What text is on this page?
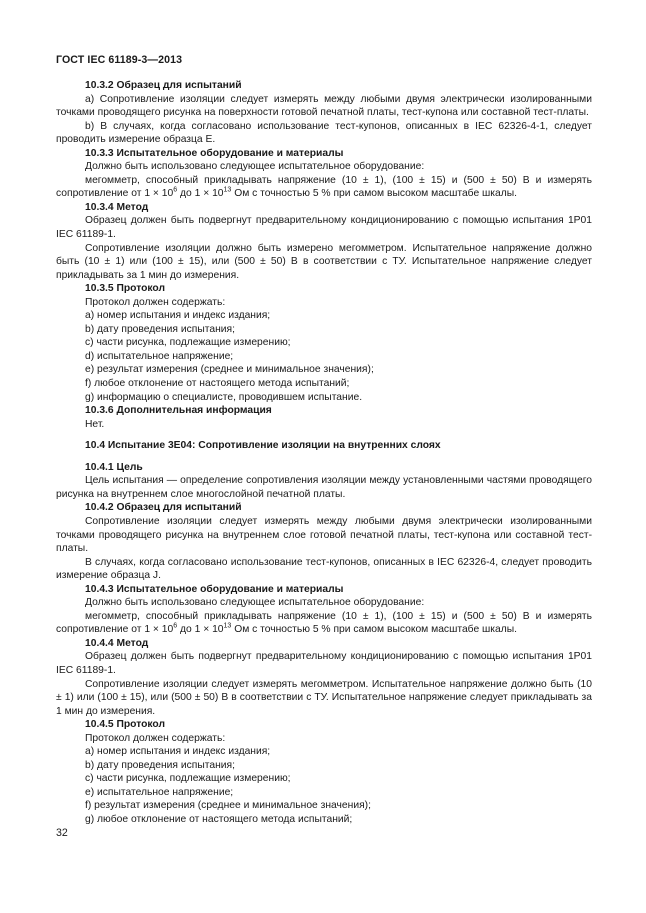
ГОСТ IEC 61189-3—2013

10.3.2 Образец для испытаний

а) Сопротивление изоляции следует измерять между любыми двумя электрически изолированными точками проводящего рисунка на поверхности готовой печатной платы, тест-купона или составной тест-платы.

b) В случаях, когда согласовано использование тест-купонов, описанных в IEC 62326-4-1, следует проводить измерение образца E.

10.3.3 Испытательное оборудование и материалы

Должно быть использовано следующее испытательное оборудование:

мегомметр, способный прикладывать напряжение (10 ± 1), (100 ± 15) и (500 ± 50) В и измерять сопротивление от $1 \times 10^6$ до $1 \times 10^{13}$ Ом с точностью 5 % при самом высоком масштабе шкалы.

10.3.4 Метод

Образец должен быть подвергнут предварительному кондиционированию с помощью испытания 1P01 IEC 61189-1.

Сопротивление изоляции должно быть измерено мегомметром. Испытательное напряжение должно быть (10 ± 1) или (100 ± 15), или (500 ± 50) В в соответствии с ТУ. Испытательное напряжение следует прикладывать за 1 мин до измерения.

10.3.5 Протокол

Протокол должен содержать:

а) номер испытания и индекс издания;

b) дату проведения испытания;

с) части рисунка, подлежащие измерению;

d) испытательное напряжение;

е) результат измерения (среднее и минимальное значения);

f) любое отклонение от настоящего метода испытаний;

g) информацию о специалисте, проводившем испытание.

10.3.6 Дополнительная информация

Нет.

10.4 Испытание 3E04: Сопротивление изоляции на внутренних слоях

10.4.1 Цель

Цель испытания — определение сопротивления изоляции между установленными частями проводящего рисунка на внутреннем слое многослойной печатной платы.

10.4.2 Образец для испытаний

Сопротивление изоляции следует измерять между любыми двумя электрически изолированными точками проводящего рисунка на внутреннем слое готовой печатной платы, тест-купона или составной тест-платы.

В случаях, когда согласовано использование тест-купонов, описанных в IEC 62326-4, следует проводить измерение образца J.

10.4.3 Испытательное оборудование и материалы

Должно быть использовано следующее испытательное оборудование:

мегомметр, способный прикладывать напряжение (10 ± 1), (100 ± 15) и (500 ± 50) В и измерять сопротивление от $1 \times 10^6$ до $1 \times 10^{13}$ Ом с точностью 5 % при самом высоком масштабе шкалы.

10.4.4 Метод

Образец должен быть подвергнут предварительному кондиционированию с помощью испытания 1P01 IEC 61189-1.

Сопротивление изоляции следует измерять мегомметром. Испытательное напряжение должно быть (10 ± 1) или (100 ± 15), или (500 ± 50) В в соответствии с ТУ. Испытательное напряжение следует прикладывать за 1 мин до измерения.

10.4.5 Протокол

Протокол должен содержать:

а) номер испытания и индекс издания;

b) дату проведения испытания;

с) части рисунка, подлежащие измерению;

е) испытательное напряжение;

f) результат измерения (среднее и минимальное значения);

g) любое отклонение от настоящего метода испытаний;

32
